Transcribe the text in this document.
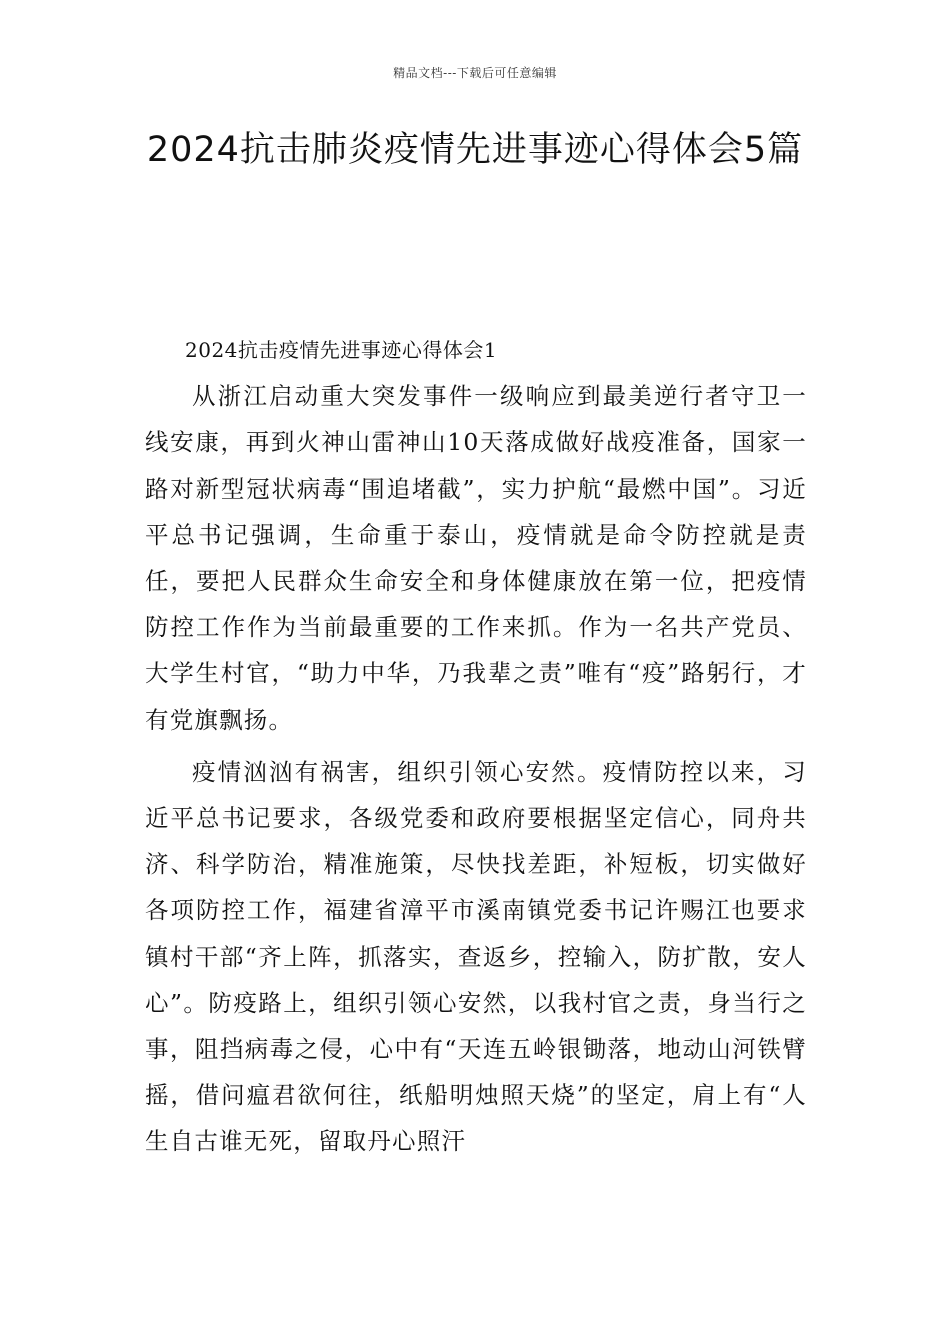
精品文档---下载后可任意编辑
2024抗击肺炎疫情先进事迹心得体会5篇

2024抗击疫情先进事迹心得体会1

从浙江启动重大突发事件一级响应到最美逆行者守卫一线安康，再到火神山雷神山10天落成做好战疫准备，国家一路对新型冠状病毒“围追堵截”，实力护航“最燃中国”。习近平总书记强调，生命重于泰山，疫情就是命令防控就是责任，要把人民群众生命安全和身体健康放在第一位，把疫情防控工作作为当前最重要的工作来抓。作为一名共产党员、大学生村官，“助力中华，乃我辈之责”唯有“疫”路躬行，才有党旗飘扬。

疫情汹汹有祸害，组织引领心安然。疫情防控以来，习近平总书记要求，各级党委和政府要根据坚定信心，同舟共济、科学防治，精准施策，尽快找差距，补短板，切实做好各项防控工作，福建省漳平市溪南镇党委书记许赐江也要求镇村干部“齐上阵，抓落实，查返乡，控输入，防扩散，安人心”。防疫路上，组织引领心安然，以我村官之责，身当行之事，阻挡病毒之侵，心中有“天连五岭银锄落，地动山河铁臂摇，借问瘟君欲何往，纸船明烛照天烧”的坚定，肩上有“人生自古谁无死，留取丹心照汗
